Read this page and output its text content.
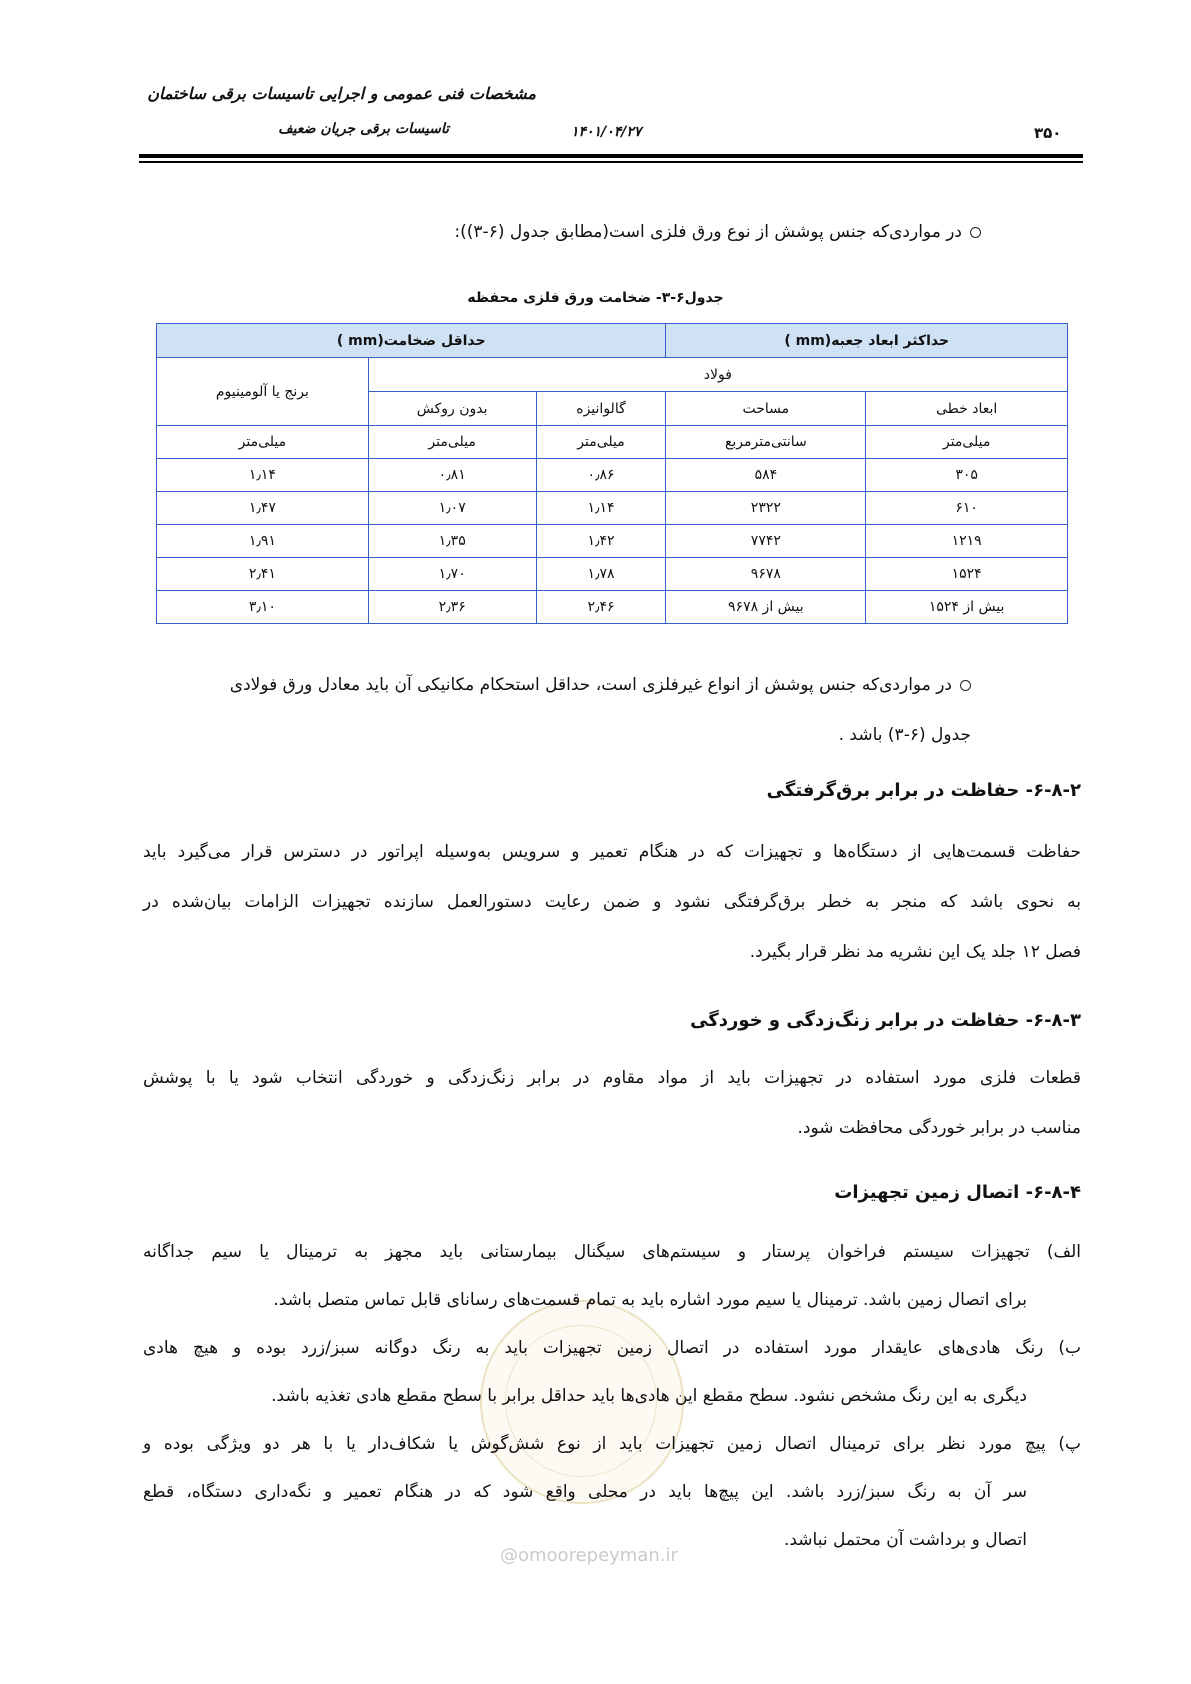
مشخصات فنی عمومی و اجرایی تاسیسات برقی ساختمان
تاسیسات برقی جریان ضعیف	۱۴۰۱/۰۴/۲۷	۳۵۰
در مواردی‌که جنس پوشش از نوع ورق فلزی است(مطابق جدول (۶-۳)):
جدول۶-۳- ضخامت ورق فلزی محفظه
حداکثر ابعاد جعبه(mm )		حداقل ضخامت(mm )		
فولاد				برنج یا آلومینیوم
ابعاد خطی	مساحت	گالوانیزه	بدون روکش	
میلی‌متر	سانتی‌مترمربع	میلی‌متر	میلی‌متر	میلی‌متر
۳۰۵	۵۸۴	۰٫۸۶	۰٫۸۱	۱٫۱۴
۶۱۰	۲۳۲۲	۱٫۱۴	۱٫۰۷	۱٫۴۷
۱۲۱۹	۷۷۴۲	۱٫۴۲	۱٫۳۵	۱٫۹۱
۱۵۲۴	۹۶۷۸	۱٫۷۸	۱٫۷۰	۲٫۴۱
بیش از ۱۵۲۴	بیش از ۹۶۷۸	۲٫۴۶	۲٫۳۶	۳٫۱۰
@omoorepeyman.ir
در مواردی‌که جنس پوشش از انواع غیرفلزی است، حداقل استحکام مکانیکی آن باید معادل ورق فولادی
جدول (۶-۳) باشد .
۶-۸-۲- حفاظت در برابر برق‌گرفتگی
حفاظت قسمت‌هایی از دستگاه‌ها و تجهیزات که در هنگام تعمیر و سرویس به‌وسیله اپراتور در دسترس قرار می‌گیرد باید
به نحوی باشد که منجر به خطر برق‌گرفتگی نشود و ضمن رعایت دستورالعمل سازنده تجهیزات الزامات بیان‌شده در
فصل ۱۲ جلد یک این نشریه مد نظر قرار بگیرد.
۶-۸-۳- حفاظت در برابر زنگ‌زدگی و خوردگی
قطعات فلزی مورد استفاده در تجهیزات باید از مواد مقاوم در برابر زنگ‌زدگی و خوردگی انتخاب شود یا با پوشش
مناسب در برابر خوردگی محافظت شود.
۶-۸-۴- اتصال زمین تجهیزات
الف) تجهیزات سیستم فراخوان پرستار و سیستم‌های سیگنال بیمارستانی باید مجهز به ترمینال یا سیم جداگانه
برای اتصال زمین باشد. ترمینال یا سیم مورد اشاره باید به تمام قسمت‌های رسانای قابل تماس متصل باشد.
ب) رنگ هادی‌های عایقدار مورد استفاده در اتصال زمین تجهیزات باید به رنگ دوگانه سبز/زرد بوده و هیچ هادی
دیگری به این رنگ مشخص نشود. سطح مقطع این هادی‌ها باید حداقل برابر با سطح مقطع هادی تغذیه باشد.
پ) پیچ مورد نظر برای ترمینال اتصال زمین تجهیزات باید از نوع شش‌گوش یا شکاف‌دار یا با هر دو ویژگی بوده و
سر آن به رنگ سبز/زرد باشد. این پیچ‌ها باید در محلی واقع شود که در هنگام تعمیر و نگه‌داری دستگاه، قطع
اتصال و برداشت آن محتمل نباشد.
